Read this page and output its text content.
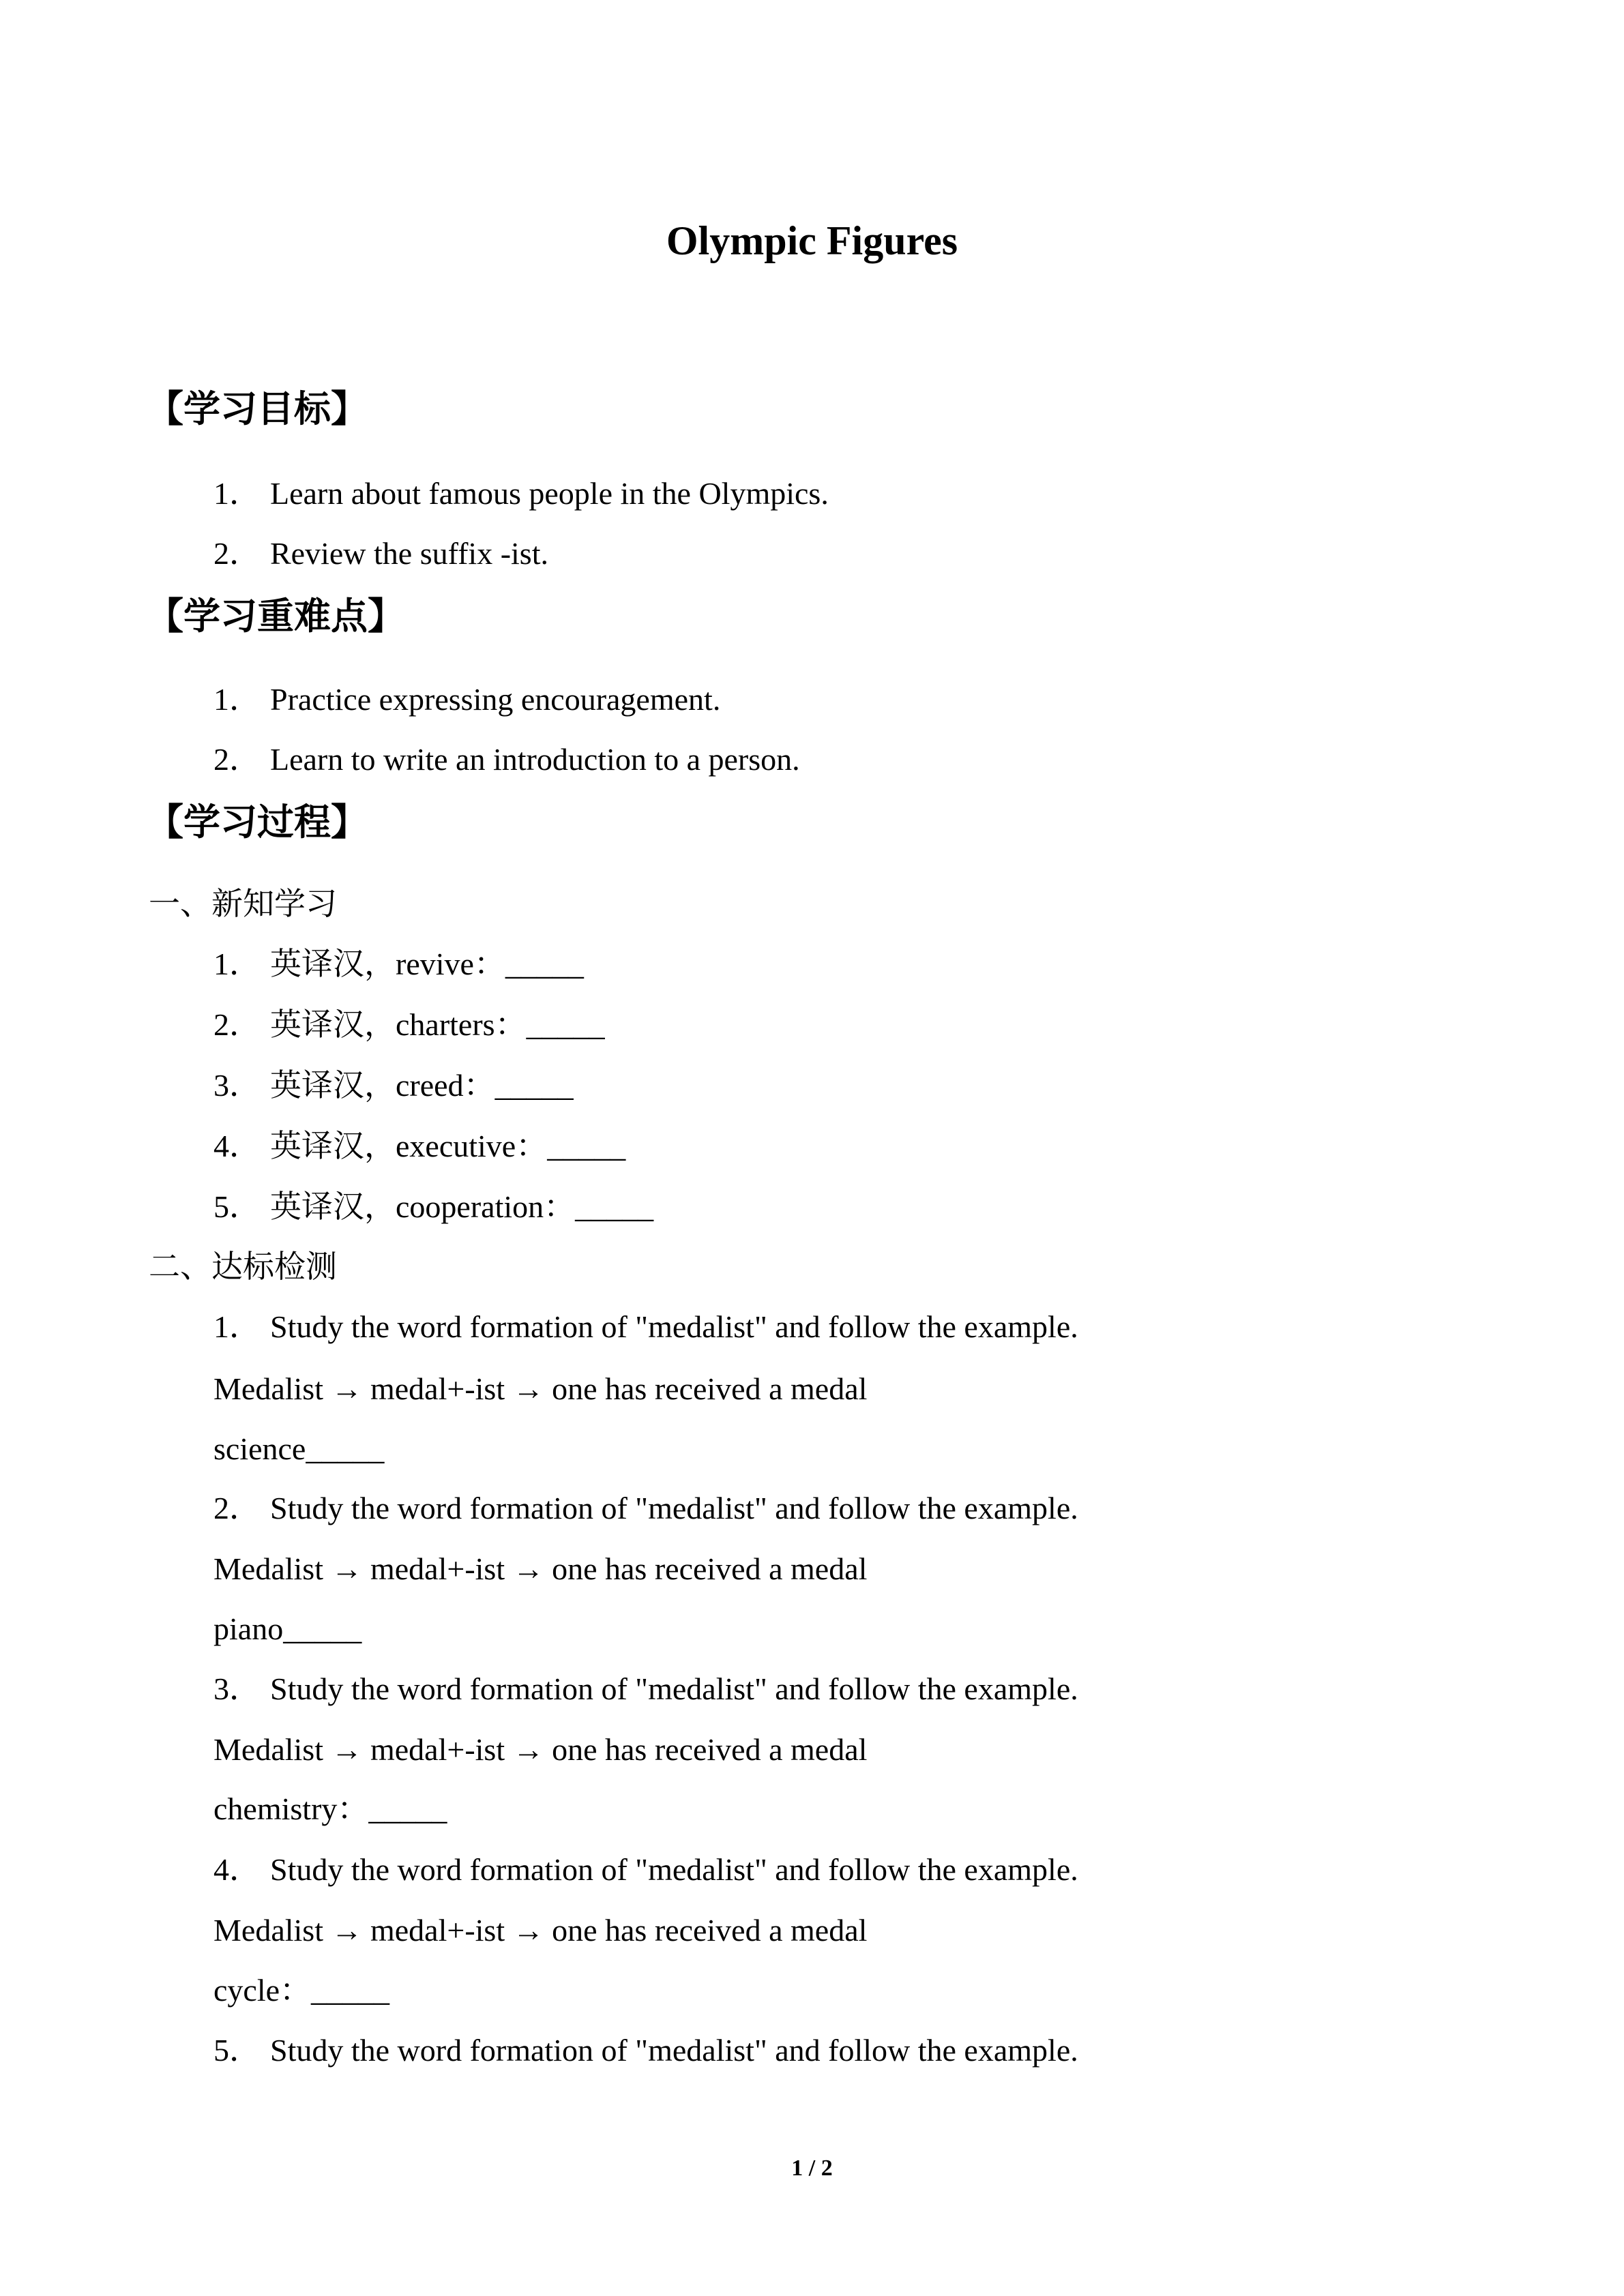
Olympic Figures
【学习目标】
1． Learn about famous people in the Olympics.
2． Review the suffix -ist.
【学习重难点】
1． Practice expressing encouragement.
2． Learn to write an introduction to a person.
【学习过程】
一、新知学习
1． 英译汉，revive：_____
2． 英译汉，charters：_____
3． 英译汉，creed：_____
4． 英译汉，executive：_____
5． 英译汉，cooperation：_____
二、达标检测
1． Study the word formation of "medalist" and follow the example.
Medalist → medal+-ist → one has received a medal
science_____
2． Study the word formation of "medalist" and follow the example.
Medalist → medal+-ist → one has received a medal
piano_____
3． Study the word formation of "medalist" and follow the example.
Medalist → medal+-ist → one has received a medal
chemistry：_____
4． Study the word formation of "medalist" and follow the example.
Medalist → medal+-ist → one has received a medal
cycle：_____
5． Study the word formation of "medalist" and follow the example.
1 / 2
